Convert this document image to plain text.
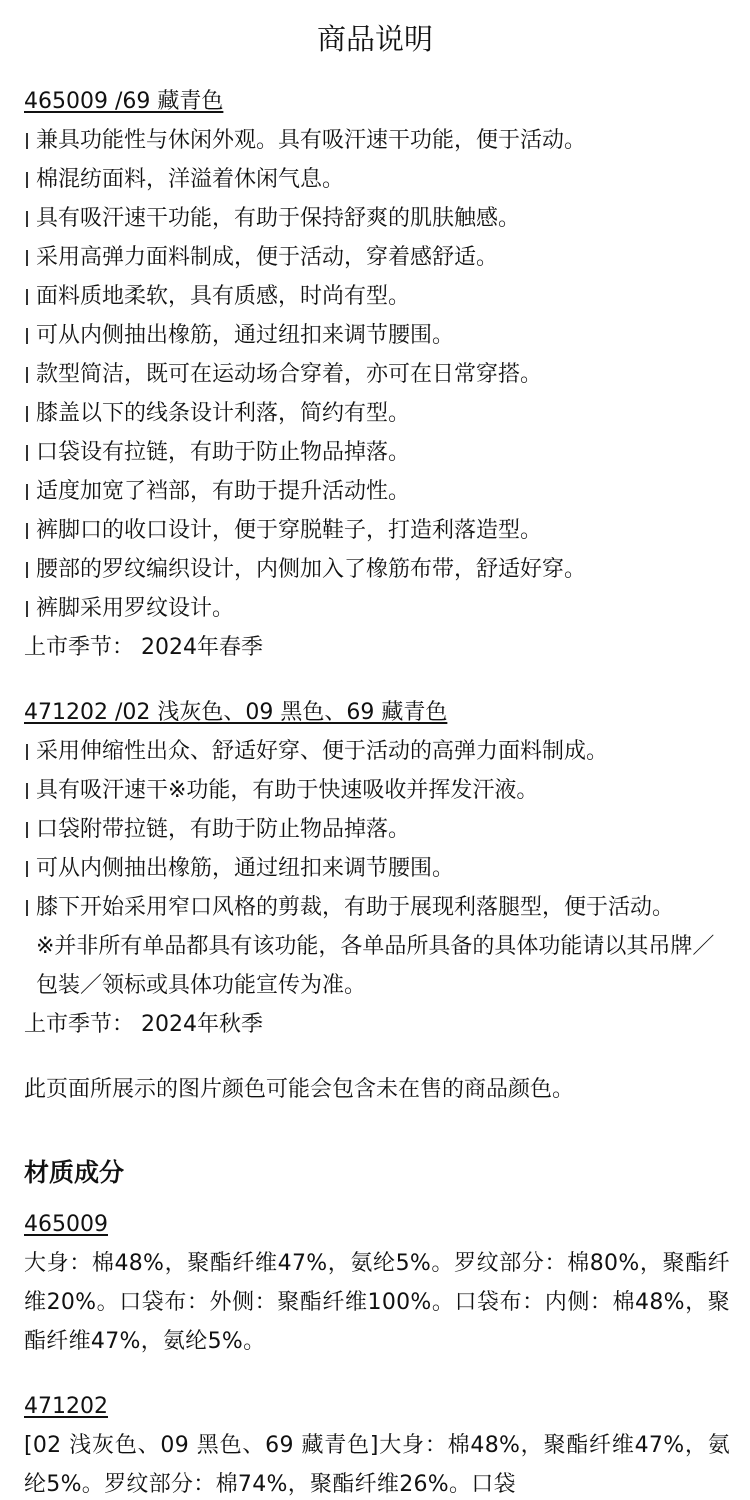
商品说明
465009 /69 藏青色
兼具功能性与休闲外观。具有吸汗速干功能，便于活动。
棉混纺面料，洋溢着休闲气息。
具有吸汗速干功能，有助于保持舒爽的肌肤触感。
采用高弹力面料制成，便于活动，穿着感舒适。
面料质地柔软，具有质感，时尚有型。
可从内侧抽出橡筋，通过纽扣来调节腰围。
款型简洁，既可在运动场合穿着，亦可在日常穿搭。
膝盖以下的线条设计利落，简约有型。
口袋设有拉链，有助于防止物品掉落。
适度加宽了裆部，有助于提升活动性。
裤脚口的收口设计，便于穿脱鞋子，打造利落造型。
腰部的罗纹编织设计，内侧加入了橡筋布带，舒适好穿。
裤脚采用罗纹设计。
上市季节： 2024年春季
471202 /02 浅灰色、09 黑色、69 藏青色
采用伸缩性出众、舒适好穿、便于活动的高弹力面料制成。
具有吸汗速干※功能，有助于快速吸收并挥发汗液。
口袋附带拉链，有助于防止物品掉落。
可从内侧抽出橡筋，通过纽扣来调节腰围。
膝下开始采用窄口风格的剪裁，有助于展现利落腿型，便于活动。
※并非所有单品都具有该功能，各单品所具备的具体功能请以其吊牌／包装／领标或具体功能宣传为准。
上市季节： 2024年秋季
此页面所展示的图片颜色可能会包含未在售的商品颜色。
材质成分
465009
大身：棉48%，聚酯纤维47%，氨纶5%。罗纹部分：棉80%，聚酯纤维20%。口袋布：外侧：聚酯纤维100%。口袋布：内侧：棉48%，聚酯纤维47%，氨纶5%。
471202
[02 浅灰色、09 黑色、69 藏青色]大身：棉48%，聚酯纤维47%，氨纶5%。罗纹部分：棉74%，聚酯纤维26%。口袋
